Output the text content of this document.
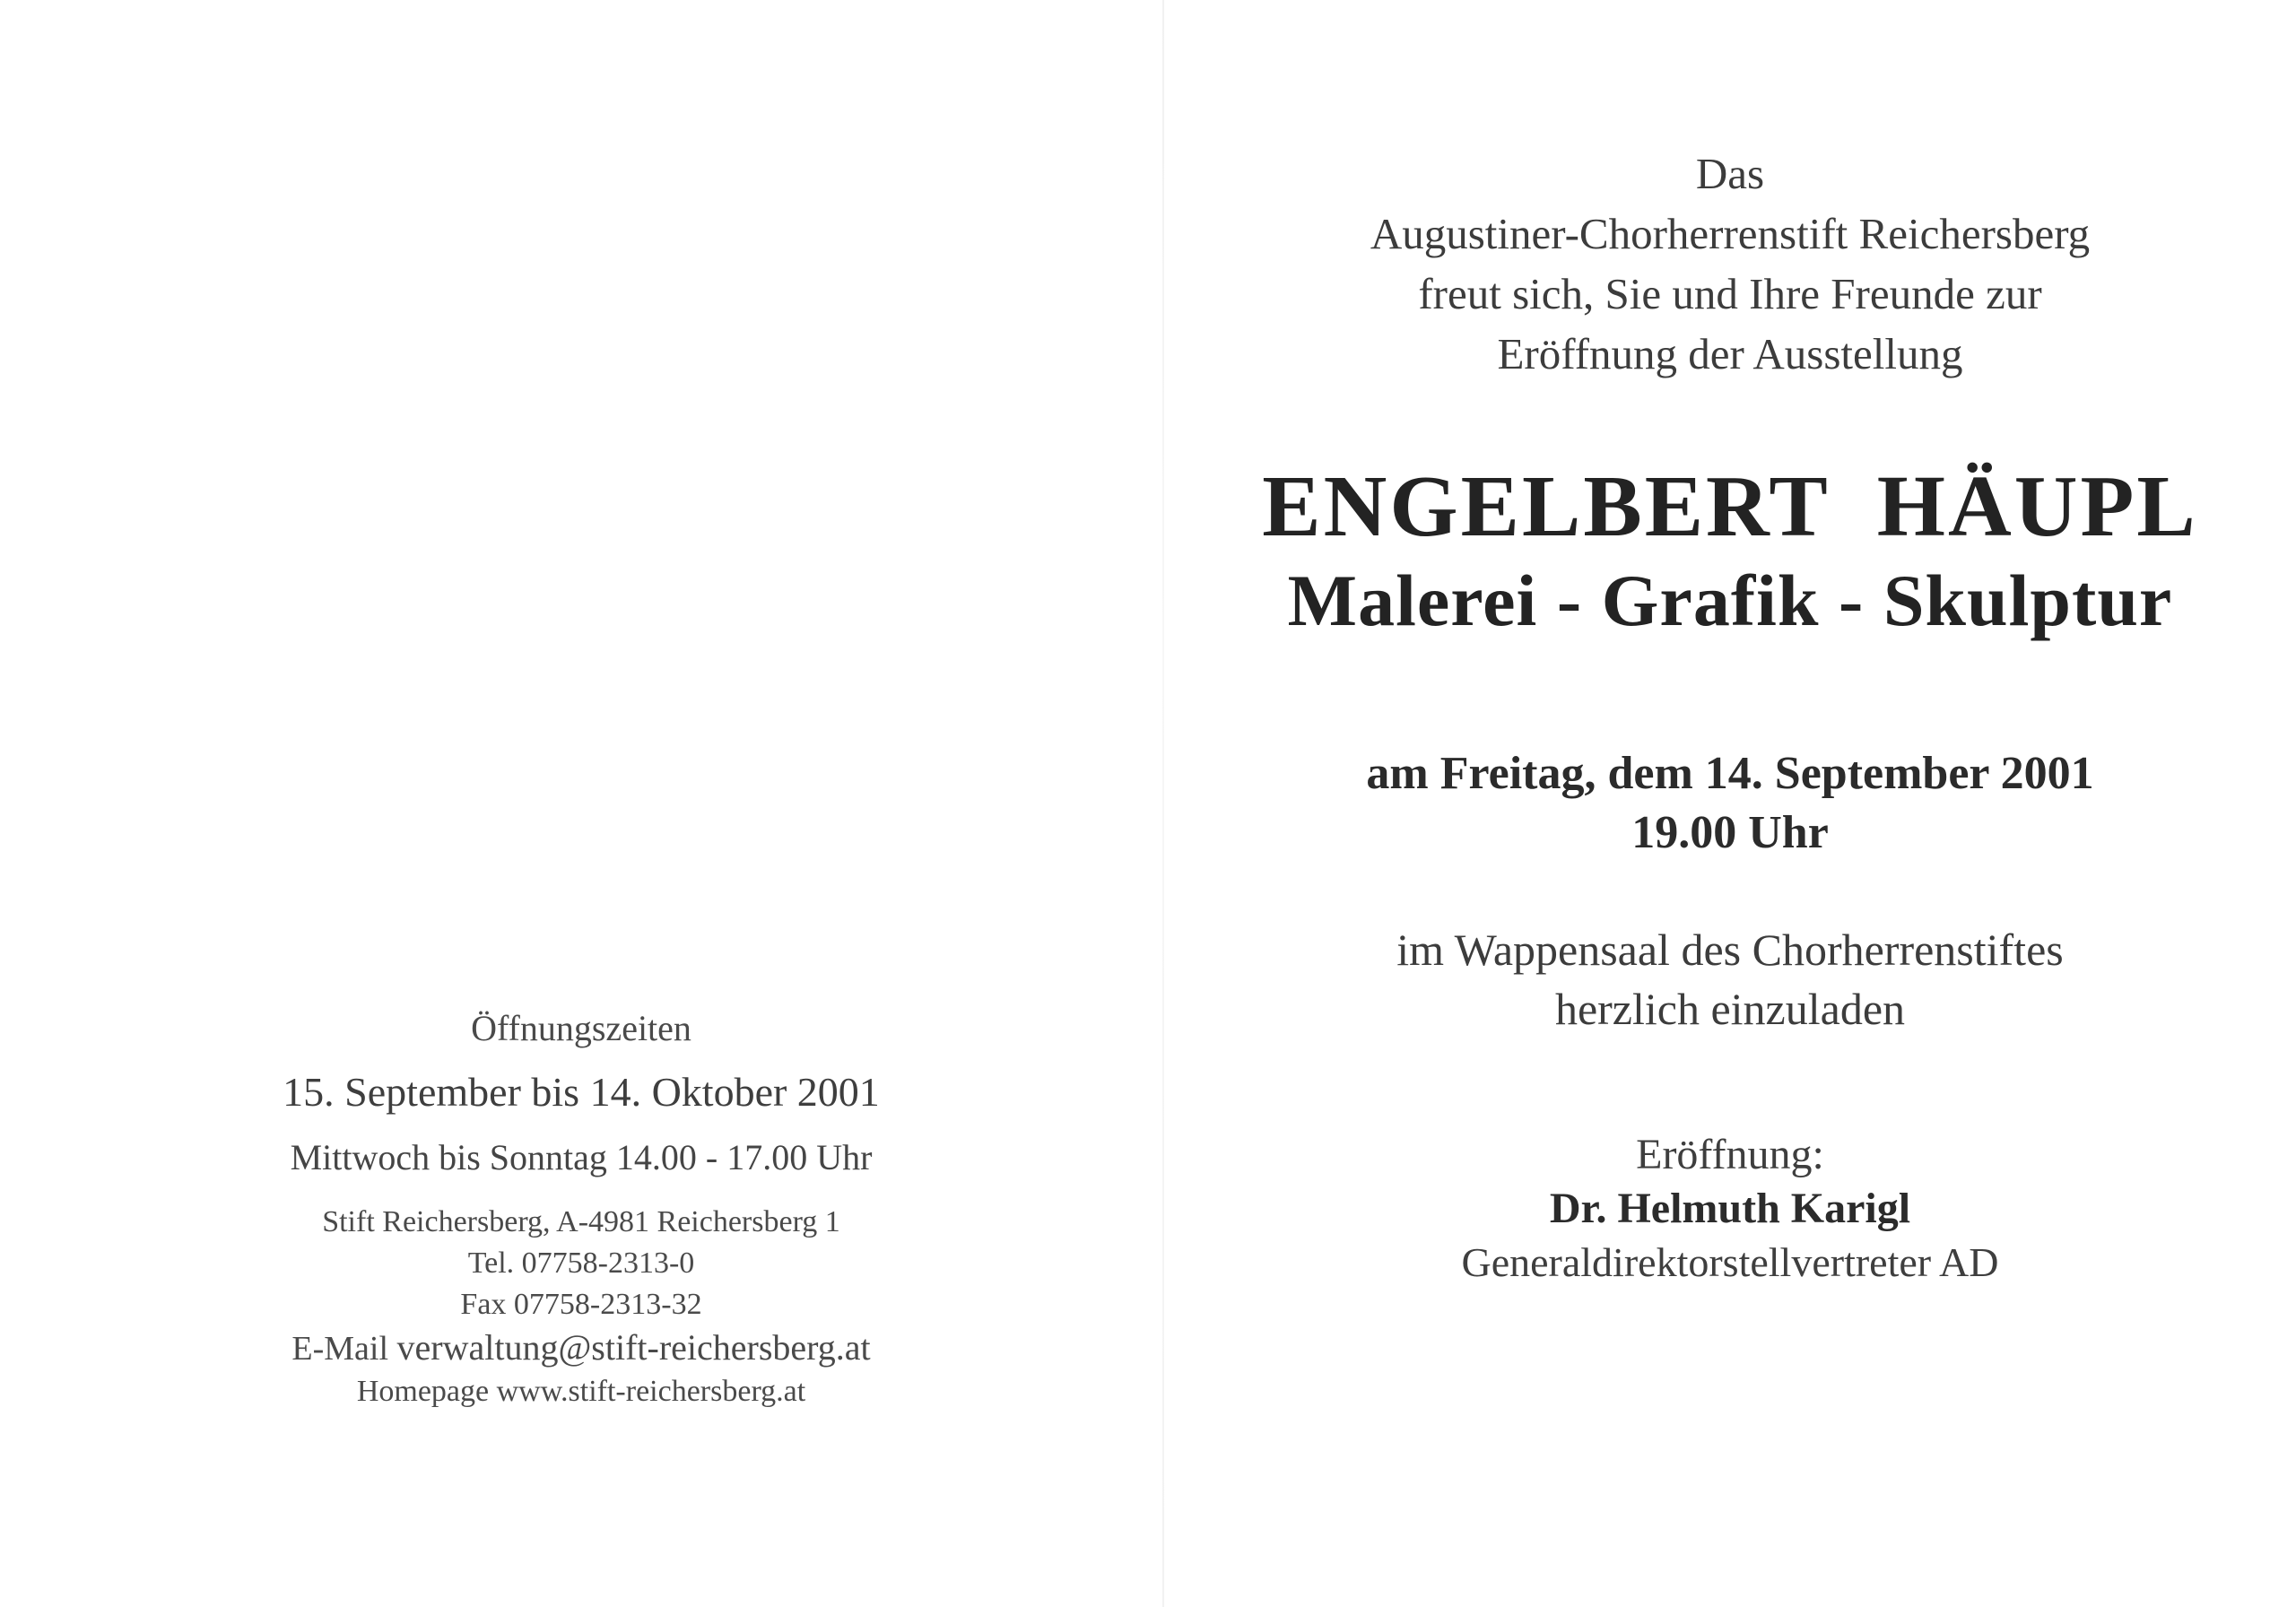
Öffnungszeiten
15. September bis 14. Oktober 2001
Mittwoch bis Sonntag 14.00 - 17.00 Uhr
Stift Reichersberg, A-4981 Reichersberg 1
Tel. 07758-2313-0
Fax 07758-2313-32
E-Mail verwaltung@stift-reichersberg.at
Homepage www.stift-reichersberg.at
Das
Augustiner-Chorherrenstift Reichersberg
freut sich, Sie und Ihre Freunde zur
Eröffnung der Ausstellung
ENGELBERT HÄUPL
Malerei - Grafik - Skulptur
am Freitag, dem 14. September 2001
19.00 Uhr
im Wappensaal des Chorherrenstiftes
herzlich einzuladen
Eröffnung:
Dr. Helmuth Karigl
Generaldirektorstellvertreter AD
